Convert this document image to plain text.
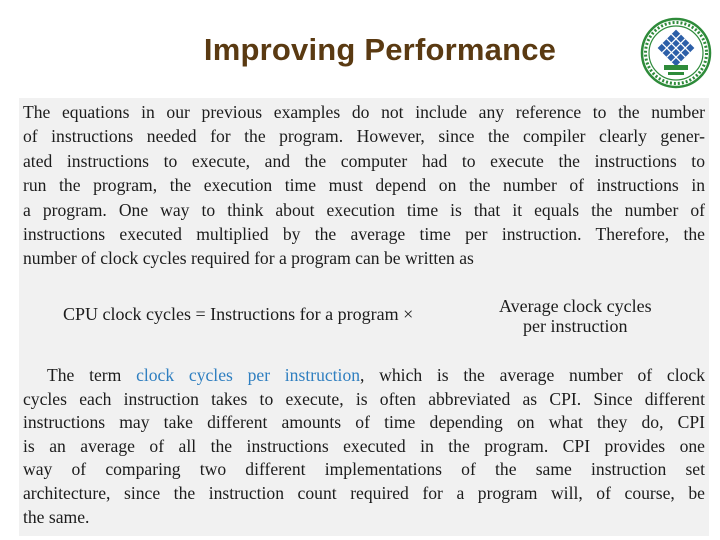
Improving Performance
The equations in our previous examples do not include any reference to the number
of instructions needed for the program. However, since the compiler clearly gener-
ated instructions to execute, and the computer had to execute the instructions to
run the program, the execution time must depend on the number of instructions in
a program. One way to think about execution time is that it equals the number of
instructions executed multiplied by the average time per instruction. Therefore, the
number of clock cycles required for a program can be written as
CPU clock cycles = Instructions for a program ×	Average clock cycles
per instruction
The term clock cycles per instruction, which is the average number of clock
cycles each instruction takes to execute, is often abbreviated as CPI. Since different
instructions may take different amounts of time depending on what they do, CPI
is an average of all the instructions executed in the program. CPI provides one
way of comparing two different implementations of the same instruction set
architecture, since the instruction count required for a program will, of course, be
the same.
